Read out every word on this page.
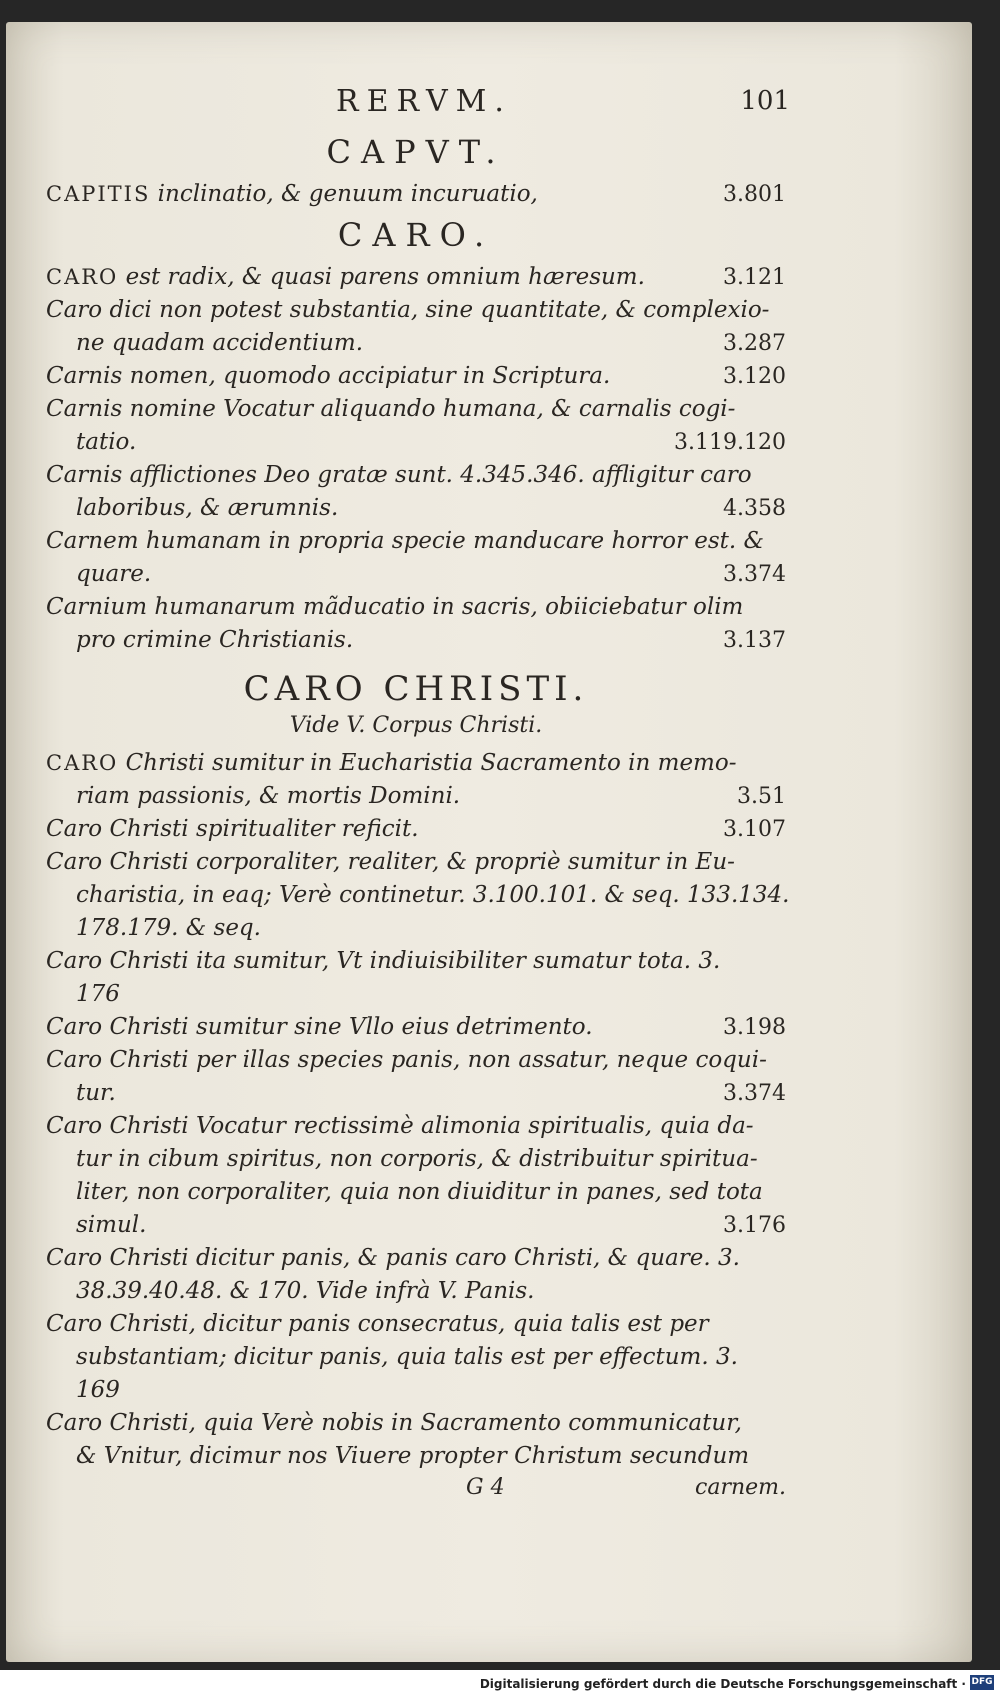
RERVM.	101
CAPVT.
CAPITIS inclinatio, & genuum incuruatio,	3.801
CARO.
CARO est radix, & quasi parens omnium hæresum.	3.121
Caro dici non potest substantia, sine quantitate, & complexio-
ne quadam accidentium.	3.287
Carnis nomen, quomodo accipiatur in Scriptura.	3.120
Carnis nomine Vocatur aliquando humana, & carnalis cogi-
tatio.	3.119.120
Carnis afflictiones Deo gratæ sunt. 4.345.346. affligitur caro
laboribus, & ærumnis.	4.358
Carnem humanam in propria specie manducare horror est. &
quare.	3.374
Carnium humanarum mãducatio in sacris, obiiciebatur olim
pro crimine Christianis.	3.137
CARO CHRISTI.
Vide V. Corpus Christi.
CARO Christi sumitur in Eucharistia Sacramento in memo-
riam passionis, & mortis Domini.	3.51
Caro Christi spiritualiter reficit.	3.107
Caro Christi corporaliter, realiter, & propriè sumitur in Eu-
charistia, in eaq; Verè continetur. 3.100.101. & seq. 133.134.
178.179. & seq.
Caro Christi ita sumitur, Vt indiuisibiliter sumatur tota. 3.
176
Caro Christi sumitur sine Vllo eius detrimento.	3.198
Caro Christi per illas species panis, non assatur, neque coqui-
tur.	3.374
Caro Christi Vocatur rectissimè alimonia spiritualis, quia da-
tur in cibum spiritus, non corporis, & distribuitur spiritua-
liter, non corporaliter, quia non diuiditur in panes, sed tota
simul.	3.176
Caro Christi dicitur panis, & panis caro Christi, & quare. 3.
38.39.40.48. & 170. Vide infrà V. Panis.
Caro Christi, dicitur panis consecratus, quia talis est per
substantiam; dicitur panis, quia talis est per effectum. 3.
169
Caro Christi, quia Verè nobis in Sacramento communicatur,
& Vnitur, dicimur nos Viuere propter Christum secundum
G 4	carnem.
Digitalisierung gefördert durch die Deutsche Forschungsgemeinschaft · DFG
